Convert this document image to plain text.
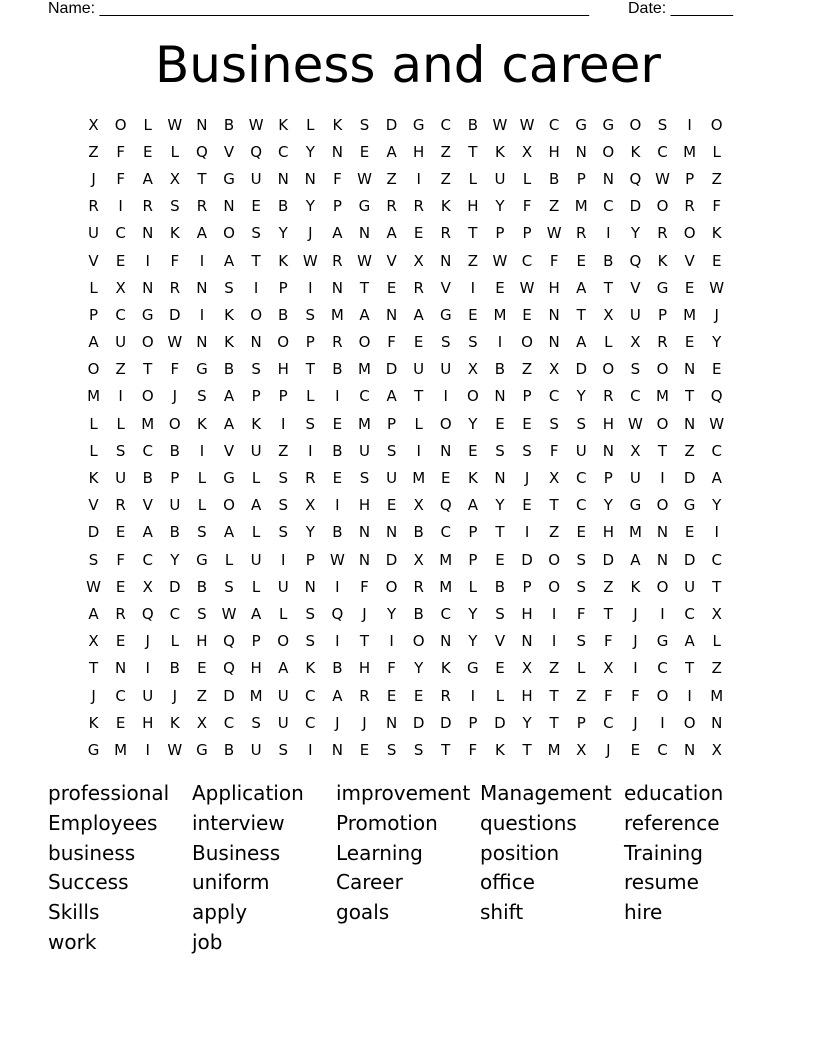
Name: _______________________________________________________ Date: _______
Business and career
X	O	L	W N	B W K	L	K	S	D	G	C	B W W C	G	G	O	S	I	O
Z	F	E	L	Q	V	Q	C	Y	N	E	A	H	Z	T	K	X	H	N	O	K	C	M	L
J	F	A	X	T	G	U	N	N	F	W Z	I	Z	L	U	L	B	P	N	Q W	P	Z
R	I	R	S	R	N	E	B	Y	P	G	R	R	K	H	Y	F	Z	M	C	D	O	R	F
U	C	N	K	A	O	S	Y	J	A	N	A	E	R	T	P	P	W R	I	Y	R	O	K
V	E	I	F	I	A	T	K W R W V	X	N	Z W C	F	E	B	Q	K	V	E
L	X	N	R	N	S	I	P	I	N	T	E	R	V	I	E W H	A	T	V	G	E W
P	C	G	D	I	K	O	B	S	M	A	N	A	G	E	M	E	N	T	X	U	P	M	J
A	U	O W N	K	N	O	P	R	O	F	E	S	S	I	O	N	A	L	X	R	E	Y
O	Z	T	F	G	B	S	H	T	B	M D	U	U	X	B	Z	X	D	O	S	O	N	E
M	I	O	J	S	A	P	P	L	I	C	A	T	I	O	N	P	C	Y	R	C	M	T	Q
L	L	M O	K	A	K	I	S	E	M	P	L	O	Y	E	E	S	S	H W O	N W
L	S	C	B	I	V	U	Z	I	B	U	S	I	N	E	S	S	F	U	N	X	T	Z	C
K	U	B	P	L	G	L	S	R	E	S	U	M	E	K	N	J	X	C	P	U	I	D	A
V	R	V	U	L	O	A	S	X	I	H	E	X	Q	A	Y	E	T	C	Y	G	O	G	Y
D	E	A	B	S	A	L	S	Y	B	N	N	B	C	P	T	I	Z	E	H M	N	E	I
S	F	C	Y	G	L	U	I	P	W N	D	X	M	P	E	D	O	S	D	A	N	D	C
W E	X	D	B	S	L	U	N	I	F	O	R	M	L	B	P	O	S	Z	K	O	U	T
A	R	Q	C	S W A	L	S	Q	J	Y	B	C	Y	S	H	I	F	T	J	I	C	X
X	E	J	L	H	Q	P	O	S	I	T	I	O	N	Y	V	N	I	S	F	J	G	A	L
T	N	I	B	E	Q	H	A	K	B	H	F	Y	K	G	E	X	Z	L	X	I	C	T	Z
J	C	U	J	Z	D M	U	C	A	R	E	E	R	I	L	H	T	Z	F	F	O	I	M
K	E	H	K	X	C	S	U	C	J	J	N	D	D	P	D	Y	T	P	C	J	I	O	N
G M	I	W G	B	U	S	I	N	E	S	S	T	F	K	T	M	X	J	E	C	N	X
professional	Application	improvement Management education
Employees	interview	Promotion	questions	reference
business	Business	Learning	position	Training
Success	uniform	Career	office	resume
Skills	apply	goals	shift	hire
work	job
